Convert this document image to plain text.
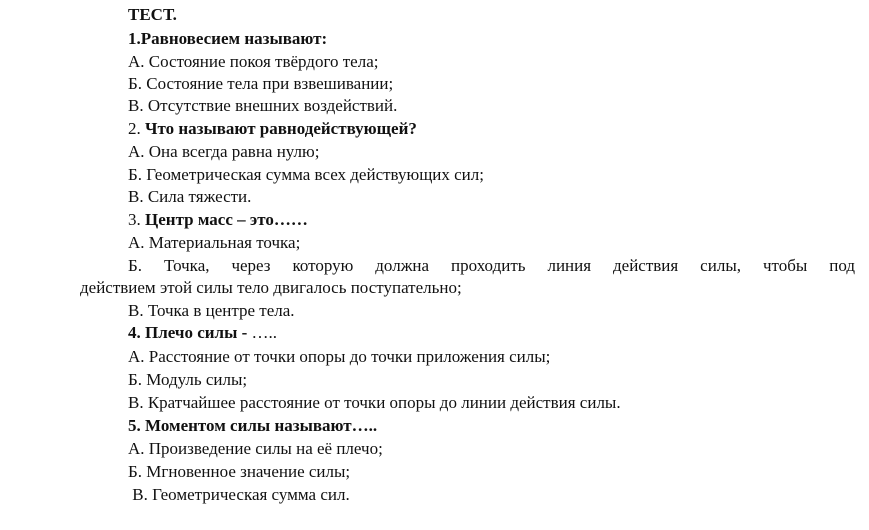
ТЕСТ.
1.Равновесием называют:
А. Состояние покоя твёрдого тела;
Б. Состояние тела при взвешивании;
В. Отсутствие внешних воздействий.
2. Что называют равнодействующей?
А. Она всегда равна нулю;
Б. Геометрическая сумма всех действующих сил;
В. Сила тяжести.
3. Центр масс – это……
А. Материальная точка;
Б. Точка, через которую должна проходить линия действия силы, чтобы под
действием этой силы тело двигалось поступательно;
В. Точка в центре тела.
4. Плечо силы - …..
А. Расстояние от точки опоры до точки приложения силы;
Б. Модуль силы;
В. Кратчайшее расстояние от точки опоры до линии действия силы.
5. Моментом силы называют…..
А. Произведение силы на её плечо;
Б. Мгновенное значение силы;
В. Геометрическая сумма сил.
